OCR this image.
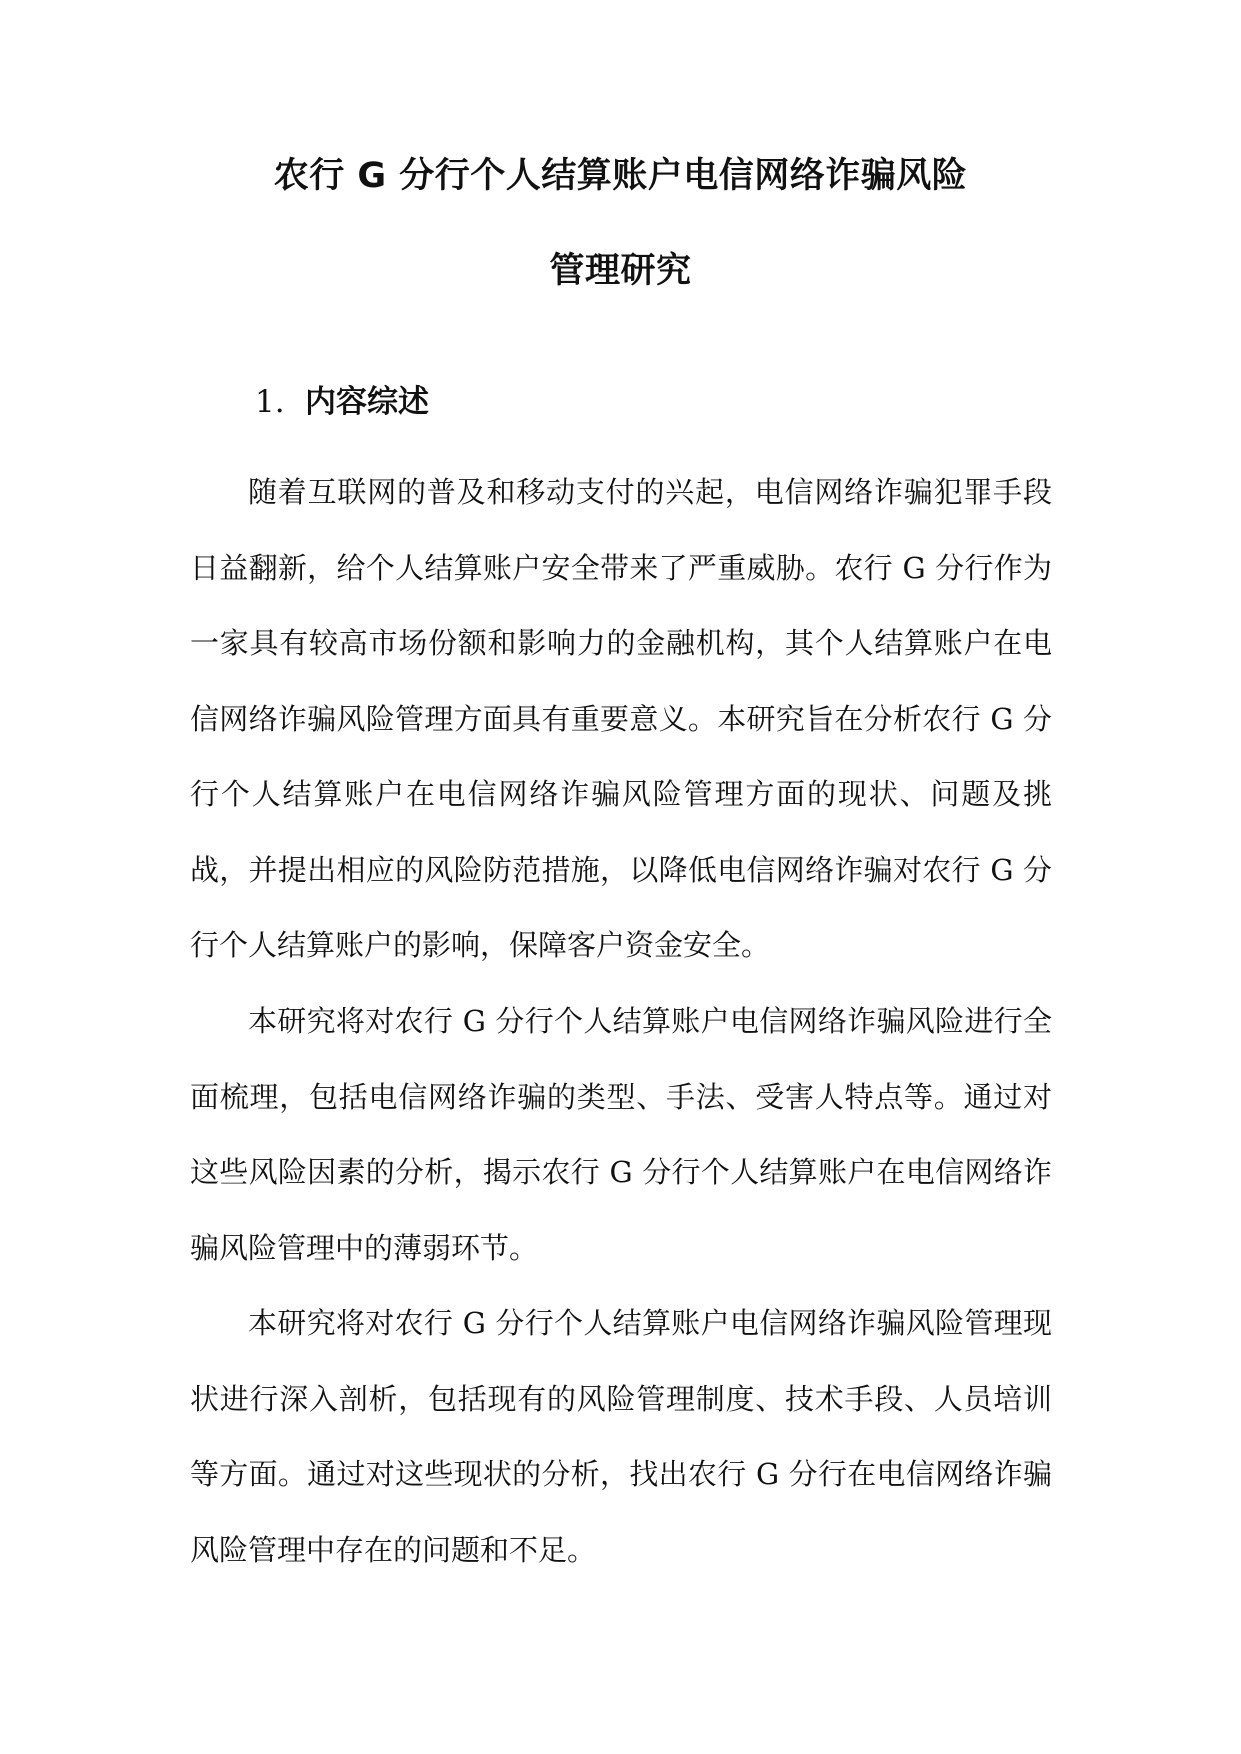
农行 G 分行个人结算账户电信网络诈骗风险
管理研究
1. 内容综述

随着互联网的普及和移动支付的兴起，电信网络诈骗犯罪手段日益翻新，给个人结算账户安全带来了严重威胁。农行 G 分行作为一家具有较高市场份额和影响力的金融机构，其个人结算账户在电信网络诈骗风险管理方面具有重要意义。本研究旨在分析农行 G 分行个人结算账户在电信网络诈骗风险管理方面的现状、问题及挑战，并提出相应的风险防范措施，以降低电信网络诈骗对农行 G 分行个人结算账户的影响，保障客户资金安全。

本研究将对农行 G 分行个人结算账户电信网络诈骗风险进行全面梳理，包括电信网络诈骗的类型、手法、受害人特点等。通过对这些风险因素的分析，揭示农行 G 分行个人结算账户在电信网络诈骗风险管理中的薄弱环节。

本研究将对农行 G 分行个人结算账户电信网络诈骗风险管理现状进行深入剖析，包括现有的风险管理制度、技术手段、人员培训等方面。通过对这些现状的分析，找出农行 G 分行在电信网络诈骗风险管理中存在的问题和不足。
